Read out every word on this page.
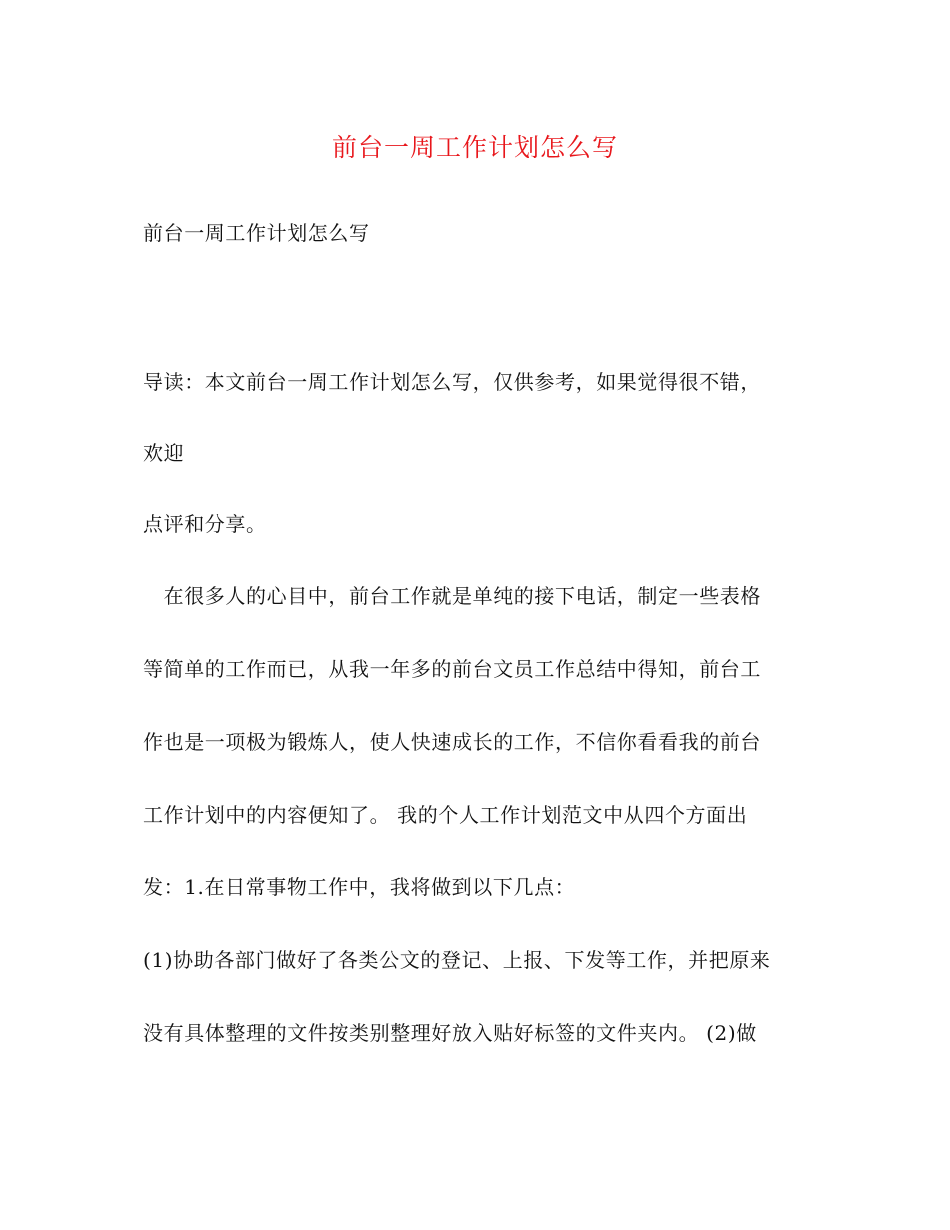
前台一周工作计划怎么写
前台一周工作计划怎么写
导读：本文前台一周工作计划怎么写，仅供参考，如果觉得很不错，
欢迎
点评和分享。
　在很多人的心目中，前台工作就是单纯的接下电话，制定一些表格
等简单的工作而已，从我一年多的前台文员工作总结中得知，前台工
作也是一项极为锻炼人，使人快速成长的工作，不信你看看我的前台
工作计划中的内容便知了。 我的个人工作计划范文中从四个方面出
发：1.在日常事物工作中，我将做到以下几点：
(1)协助各部门做好了各类公文的登记、上报、下发等工作，并把原来
没有具体整理的文件按类别整理好放入贴好标签的文件夹内。 (2)做
